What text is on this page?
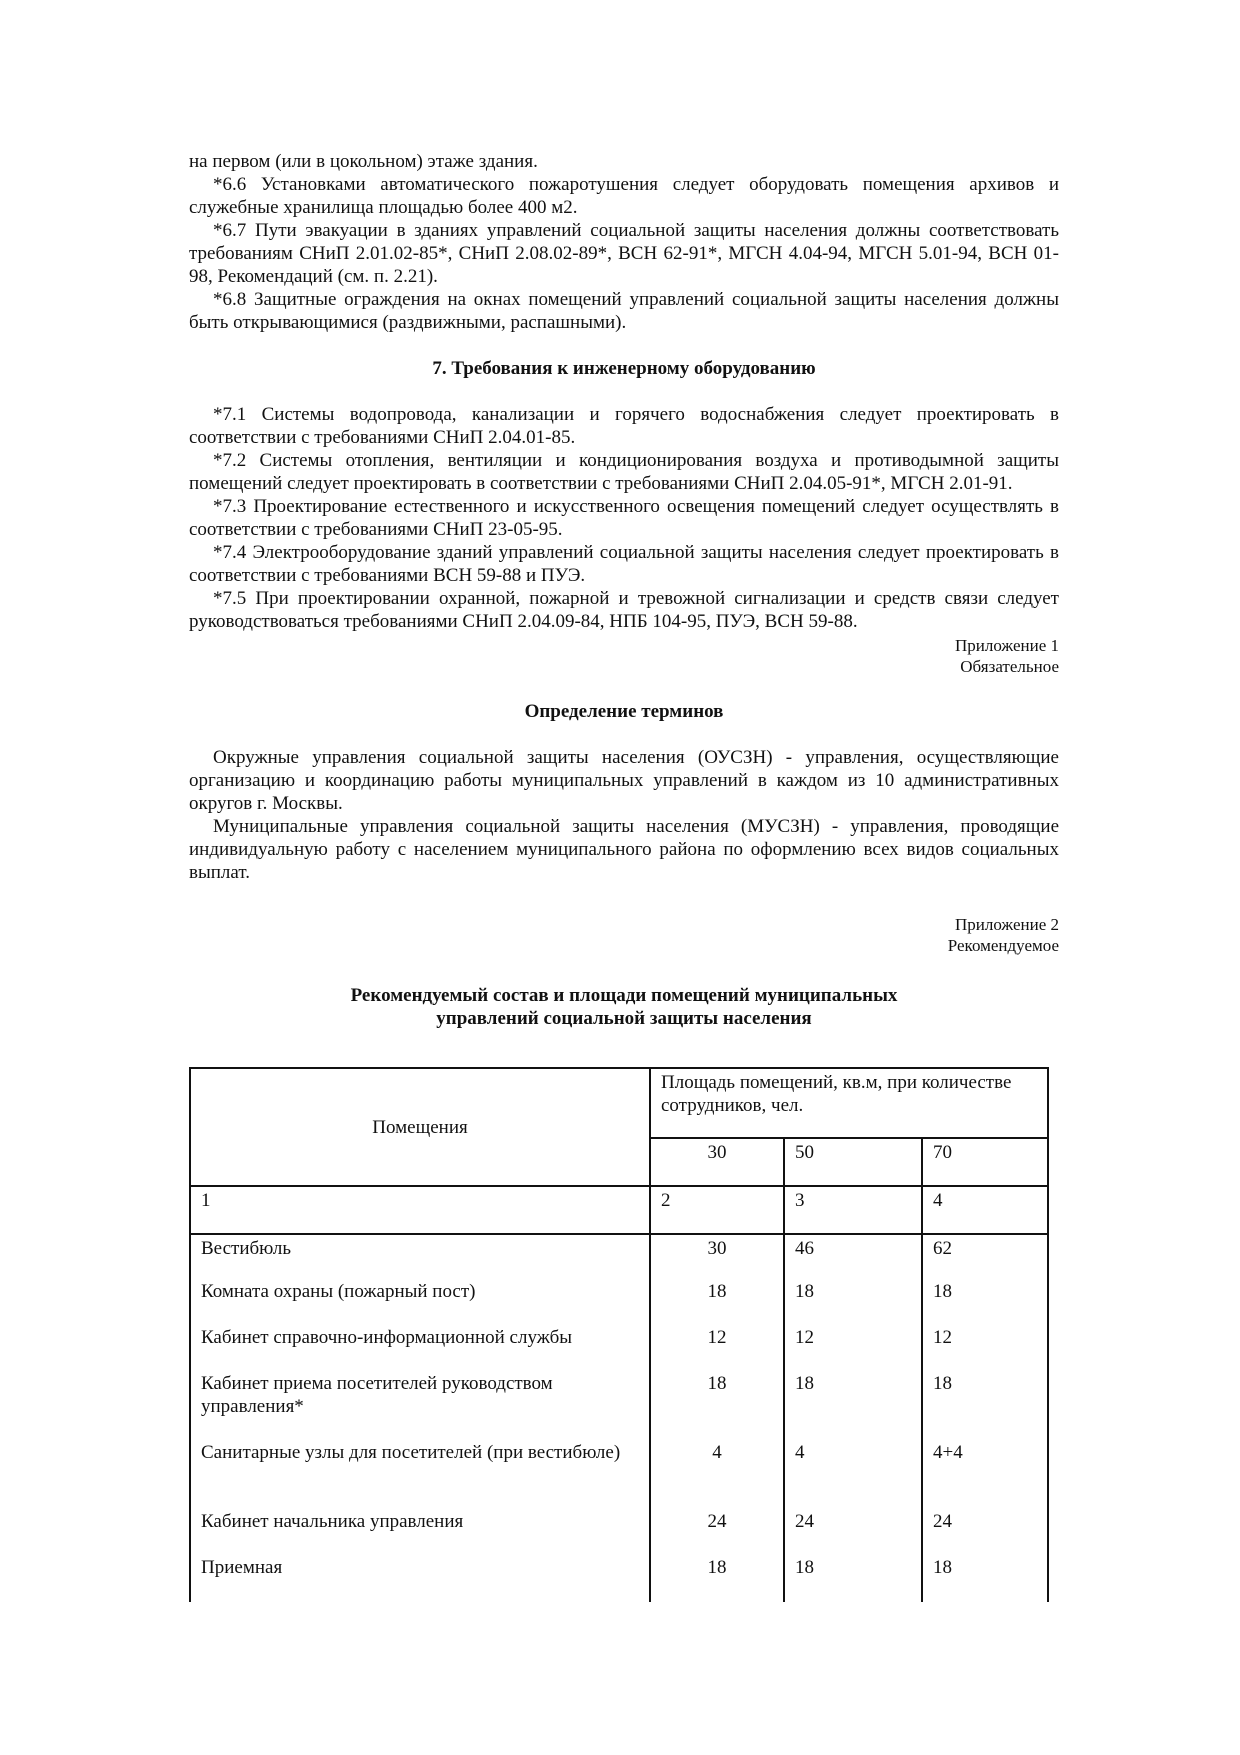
на первом (или в цокольном) этаже здания.

*6.6 Установками автоматического пожаротушения следует оборудовать помещения архивов и служебные хранилища площадью более 400 м2.

*6.7 Пути эвакуации в зданиях управлений социальной защиты населения должны соответствовать требованиям СНиП 2.01.02-85*, СНиП 2.08.02-89*, ВСН 62-91*, МГСН 4.04-94, МГСН 5.01-94, ВСН 01-98, Рекомендаций (см. п. 2.21).

*6.8 Защитные ограждения на окнах помещений управлений социальной защиты населения должны быть открывающимися (раздвижными, распашными).

7. Требования к инженерному оборудованию

*7.1 Системы водопровода, канализации и горячего водоснабжения следует проектировать в соответствии с требованиями СНиП 2.04.01-85.

*7.2 Системы отопления, вентиляции и кондиционирования воздуха и противодымной защиты помещений следует проектировать в соответствии с требованиями СНиП 2.04.05-91*, МГСН 2.01-91.

*7.3 Проектирование естественного и искусственного освещения помещений следует осуществлять в соответствии с требованиями СНиП 23-05-95.

*7.4 Электрооборудование зданий управлений социальной защиты населения следует проектировать в соответствии с требованиями ВСН 59-88 и ПУЭ.

*7.5 При проектировании охранной, пожарной и тревожной сигнализации и средств связи следует руководствоваться требованиями СНиП 2.04.09-84, НПБ 104-95, ПУЭ, ВСН 59-88.

Приложение 1

Обязательное

Определение терминов

Окружные управления социальной защиты населения (ОУСЗН) - управления, осуществляющие организацию и координацию работы муниципальных управлений в каждом из 10 административных округов г. Москвы.

Муниципальные управления социальной защиты населения (МУСЗН) - управления, проводящие индивидуальную работу с населением муниципального района по оформлению всех видов социальных выплат.

Приложение 2

Рекомендуемое

Рекомендуемый состав и площади помещений муниципальных

управлений социальной защиты населения

Помещения	Площадь помещений, кв.м, при количестве сотрудников, чел.		
	30	50	70
1	2	3	4
Вестибюль	30	46	62
Комната охраны (пожарный пост)	18	18	18
Кабинет справочно-информационной службы	12	12	12
Кабинет приема посетителей руководством управления*	18	18	18
Санитарные узлы для посетителей (при вестибюле)	4	4	4+4
Кабинет начальника управления	24	24	24
Приемная	18	18	18
